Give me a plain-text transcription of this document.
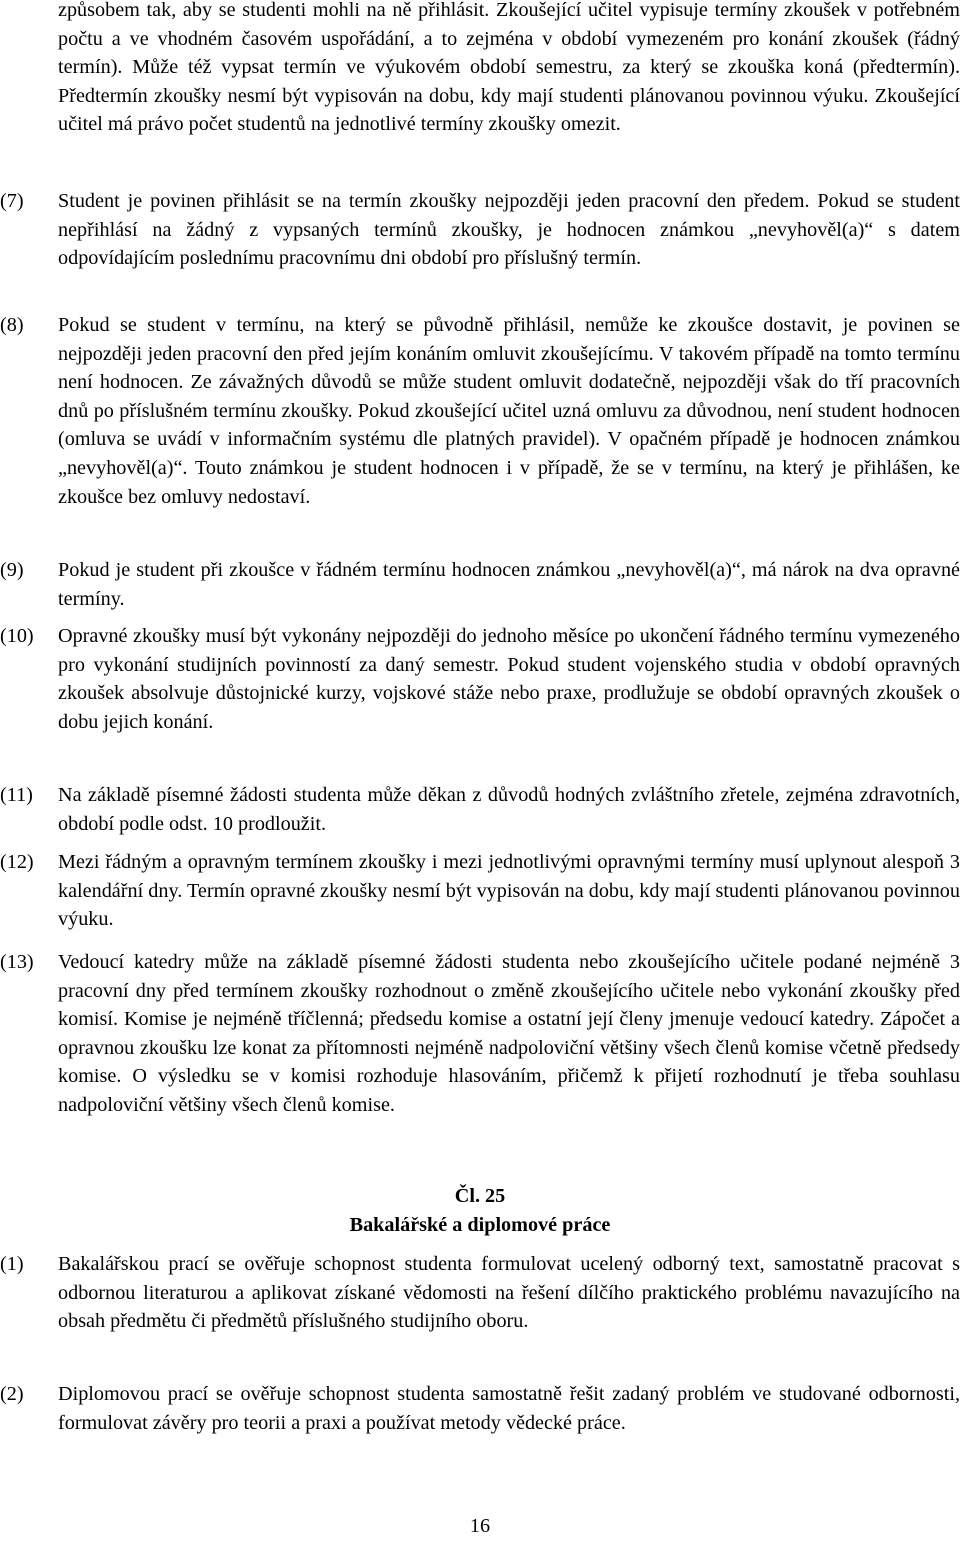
způsobem tak, aby se studenti mohli na ně přihlásit. Zkoušející učitel vypisuje termíny zkoušek v potřebném počtu a ve vhodném časovém uspořádání, a to zejména v období vymezeném pro konání zkoušek (řádný termín). Může též vypsat termín ve výukovém období semestru, za který se zkouška koná (předtermín). Předtermín zkoušky nesmí být vypisován na dobu, kdy mají studenti plánovanou povinnou výuku. Zkoušející učitel má právo počet studentů na jednotlivé termíny zkoušky omezit.
(7)	Student je povinen přihlásit se na termín zkoušky nejpozději jeden pracovní den předem. Pokud se student nepřihlásí na žádný z vypsaných termínů zkoušky, je hodnocen známkou „nevyhověl(a)“ s datem odpovídajícím poslednímu pracovnímu dni období pro příslušný termín.
(8)	Pokud se student v termínu, na který se původně přihlásil, nemůže ke zkoušce dostavit, je povinen se nejpozději jeden pracovní den před jejím konáním omluvit zkoušejícímu. V takovém případě na tomto termínu není hodnocen. Ze závažných důvodů se může student omluvit dodatečně, nejpozději však do tří pracovních dnů po příslušném termínu zkoušky. Pokud zkoušející učitel uzná omluvu za důvodnou, není student hodnocen (omluva se uvádí v informačním systému dle platných pravidel). V opačném případě je hodnocen známkou „nevyhověl(a)“. Touto známkou je student hodnocen i v případě, že se v termínu, na který je přihlášen, ke zkoušce bez omluvy nedostaví.
(9)	Pokud je student při zkoušce v řádném termínu hodnocen známkou „nevyhověl(a)“, má nárok na dva opravné termíny.
(10)	Opravné zkoušky musí být vykonány nejpozději do jednoho měsíce po ukončení řádného termínu vymezeného pro vykonání studijních povinností za daný semestr. Pokud student vojenského studia v období opravných zkoušek absolvuje důstojnické kurzy, vojskové stáže nebo praxe, prodlužuje se období opravných zkoušek o dobu jejich konání.
(11)	Na základě písemné žádosti studenta může děkan z důvodů hodných zvláštního zřetele, zejména zdravotních, období podle odst. 10 prodloužit.
(12)	Mezi řádným a opravným termínem zkoušky i mezi jednotlivými opravnými termíny musí uplynout alespoň 3 kalendářní dny. Termín opravné zkoušky nesmí být vypisován na dobu, kdy mají studenti plánovanou povinnou výuku.
(13)	Vedoucí katedry může na základě písemné žádosti studenta nebo zkoušejícího učitele podané nejméně 3 pracovní dny před termínem zkoušky rozhodnout o změně zkoušejícího učitele nebo vykonání zkoušky před komisí. Komise je nejméně tříčlenná; předsedu komise a ostatní její členy jmenuje vedoucí katedry. Zápočet a opravnou zkoušku lze konat za přítomnosti nejméně nadpoloviční většiny všech členů komise včetně předsedy komise. O výsledku se v komisi rozhoduje hlasováním, přičemž k přijetí rozhodnutí je třeba souhlasu nadpoloviční většiny všech členů komise.
Čl. 25
Bakalářské a diplomové práce
(1)	Bakalářskou prací se ověřuje schopnost studenta formulovat ucelený odborný text, samostatně pracovat s odbornou literaturou a aplikovat získané vědomosti na řešení dílčího praktického problému navazujícího na obsah předmětu či předmětů příslušného studijního oboru.
(2)	Diplomovou prací se ověřuje schopnost studenta samostatně řešit zadaný problém ve studované odbornosti, formulovat závěry pro teorii a praxi a používat metody vědecké práce.
16
